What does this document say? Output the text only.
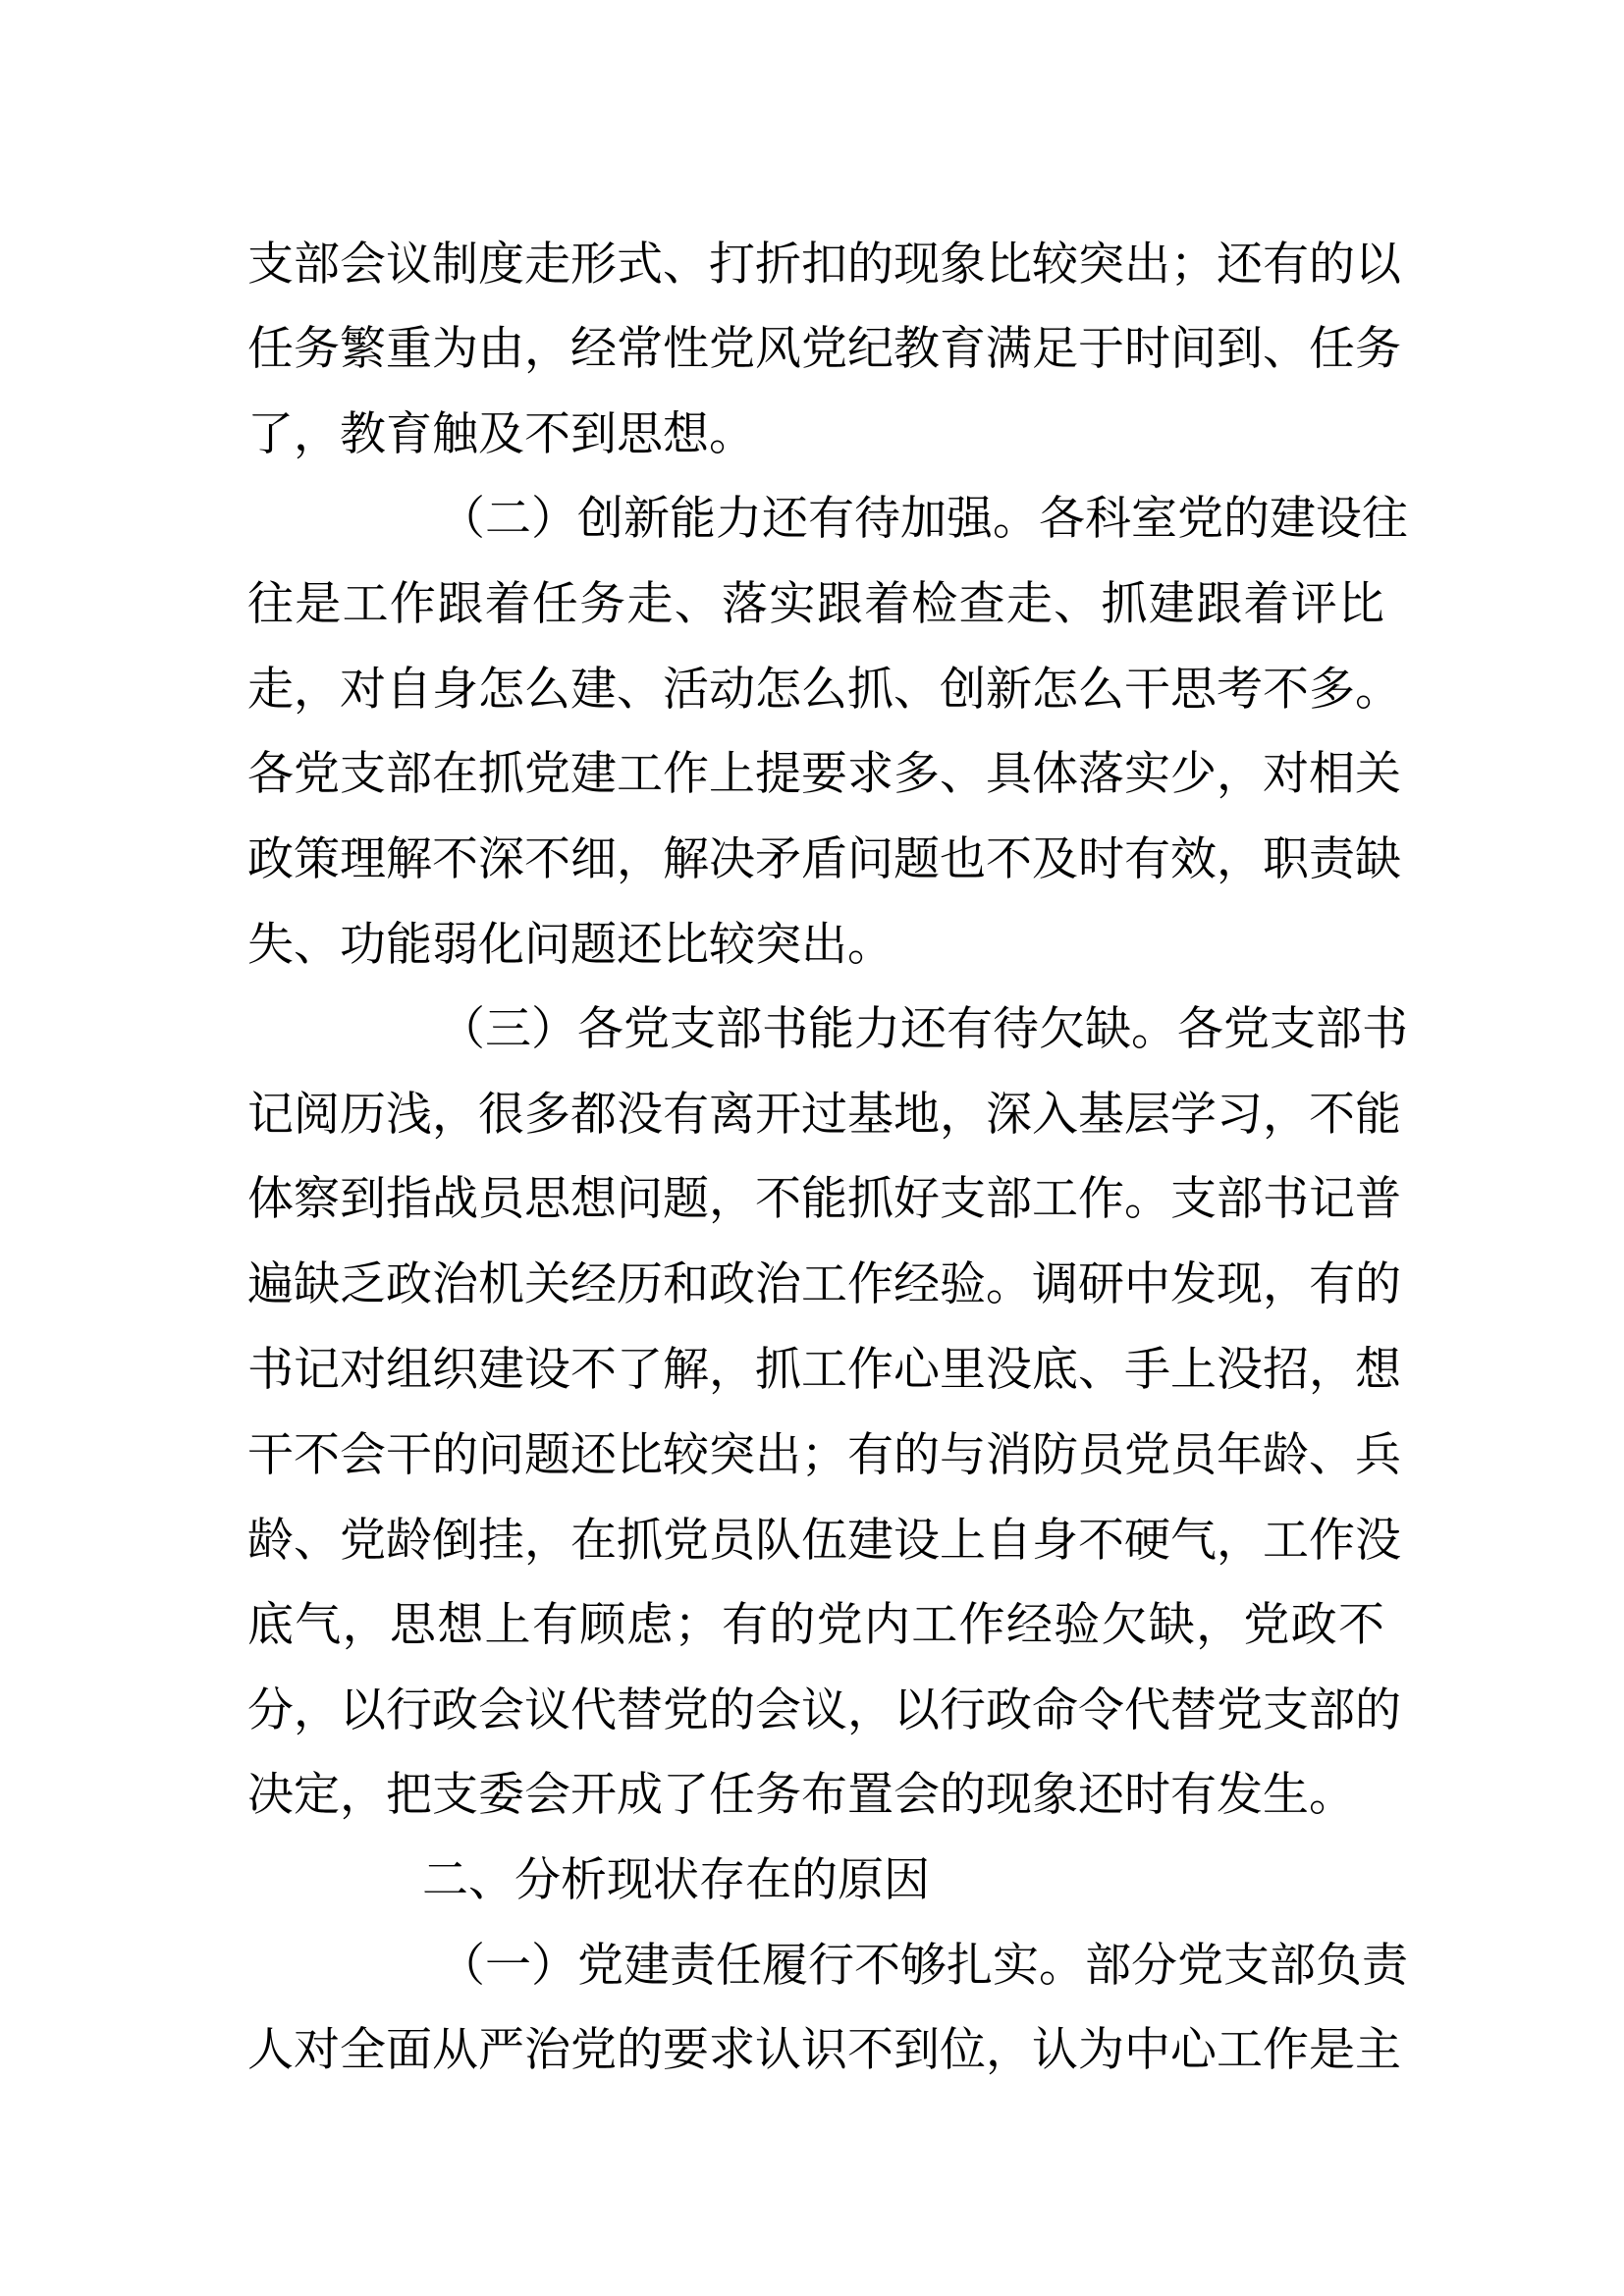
支部会议制度走形式、打折扣的现象比较突出；还有的以
任务繁重为由，经常性党风党纪教育满足于时间到、任务
了，教育触及不到思想。
（二）创新能力还有待加强。各科室党的建设往
往是工作跟着任务走、落实跟着检查走、抓建跟着评比
走，对自身怎么建、活动怎么抓、创新怎么干思考不多。
各党支部在抓党建工作上提要求多、具体落实少，对相关
政策理解不深不细，解决矛盾问题也不及时有效，职责缺
失、功能弱化问题还比较突出。
（三）各党支部书能力还有待欠缺。各党支部书
记阅历浅，很多都没有离开过基地，深入基层学习，不能
体察到指战员思想问题，不能抓好支部工作。支部书记普
遍缺乏政治机关经历和政治工作经验。调研中发现，有的
书记对组织建设不了解，抓工作心里没底、手上没招，想
干不会干的问题还比较突出；有的与消防员党员年龄、兵
龄、党龄倒挂，在抓党员队伍建设上自身不硬气，工作没
底气，思想上有顾虑；有的党内工作经验欠缺，党政不
分，以行政会议代替党的会议，以行政命令代替党支部的
决定，把支委会开成了任务布置会的现象还时有发生。
二、分析现状存在的原因
（一）党建责任履行不够扎实。部分党支部负责
人对全面从严治党的要求认识不到位，认为中心工作是主
